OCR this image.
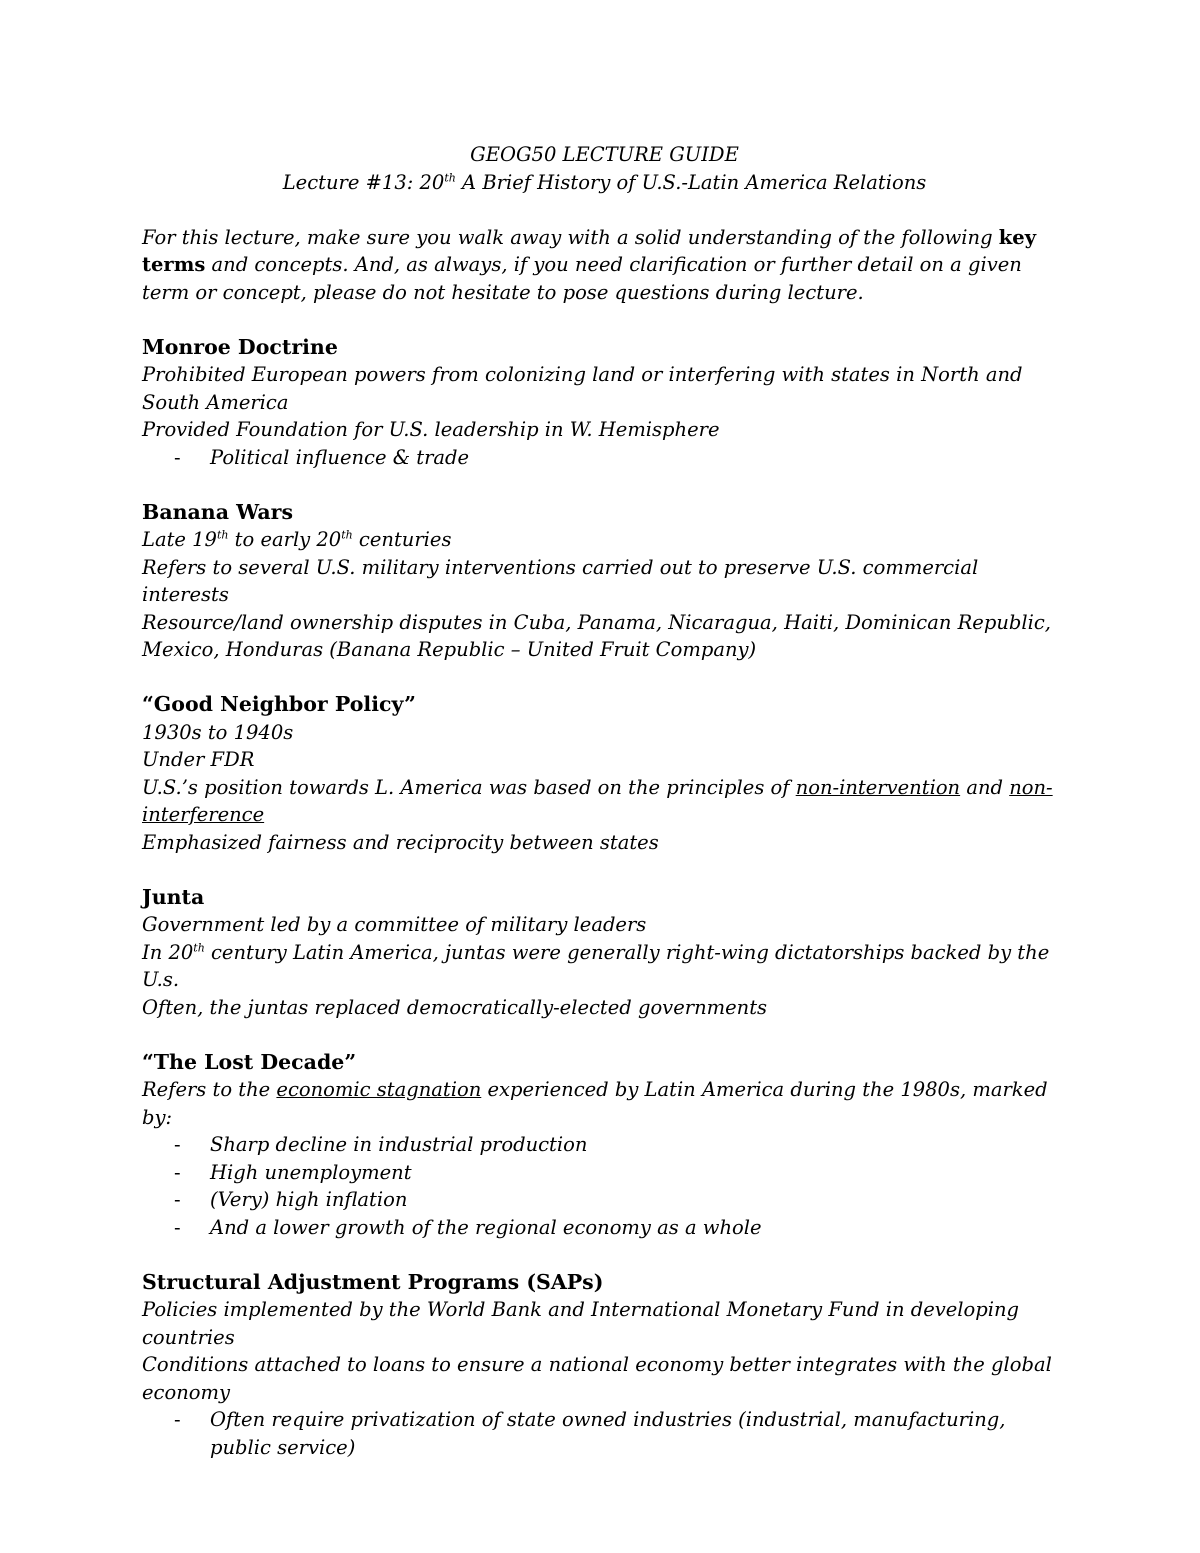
GEOG50 LECTURE GUIDE
Lecture #13: 20th A Brief History of U.S.-Latin America Relations
For this lecture, make sure you walk away with a solid understanding of the following key terms and concepts. And, as always, if you need clarification or further detail on a given term or concept, please do not hesitate to pose questions during lecture.
Monroe Doctrine
Prohibited European powers from colonizing land or interfering with states in North and South America
Provided Foundation for U.S. leadership in W. Hemisphere
-	Political influence & trade
Banana Wars
Late 19th to early 20th centuries
Refers to several U.S. military interventions carried out to preserve U.S. commercial interests
Resource/land ownership disputes in Cuba, Panama, Nicaragua, Haiti, Dominican Republic, Mexico, Honduras (Banana Republic – United Fruit Company)
“Good Neighbor Policy”
1930s to 1940s
Under FDR
U.S.’s position towards L. America was based on the principles of non-intervention and non-interference
Emphasized fairness and reciprocity between states
Junta
Government led by a committee of military leaders
In 20th century Latin America, juntas were generally right-wing dictatorships backed by the U.s.
Often, the juntas replaced democratically-elected governments
“The Lost Decade”
Refers to the economic stagnation experienced by Latin America during the 1980s, marked by:
-	Sharp decline in industrial production
-	High unemployment
-	(Very) high inflation
-	And a lower growth of the regional economy as a whole
Structural Adjustment Programs (SAPs)
Policies implemented by the World Bank and International Monetary Fund in developing countries
Conditions attached to loans to ensure a national economy better integrates with the global economy
-	Often require privatization of state owned industries (industrial, manufacturing, public service)
